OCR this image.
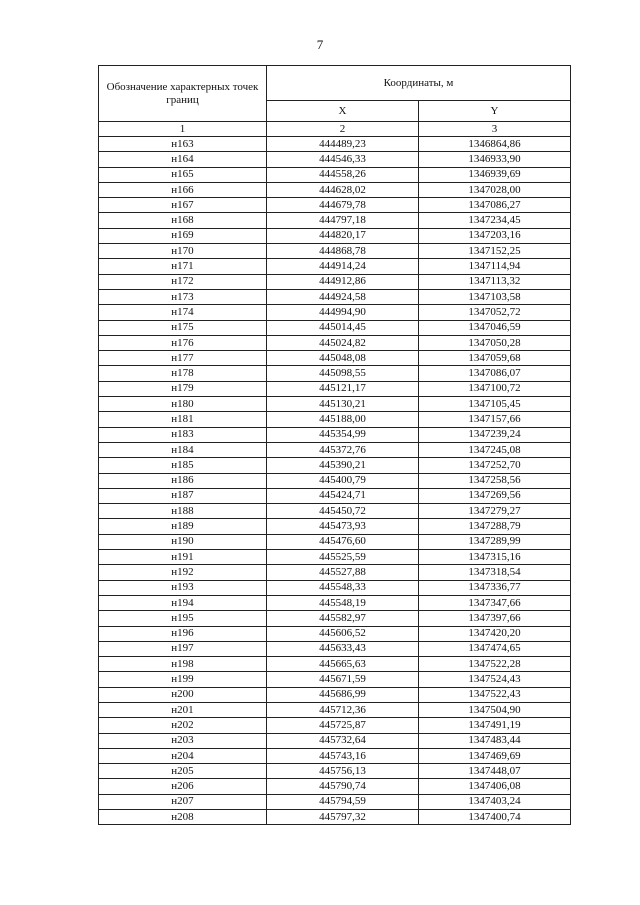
7
Обозначение характерных точек границ	Координаты, м	
	X	Y
1	2	3
н163	444489,23	1346864,86
н164	444546,33	1346933,90
н165	444558,26	1346939,69
н166	444628,02	1347028,00
н167	444679,78	1347086,27
н168	444797,18	1347234,45
н169	444820,17	1347203,16
н170	444868,78	1347152,25
н171	444914,24	1347114,94
н172	444912,86	1347113,32
н173	444924,58	1347103,58
н174	444994,90	1347052,72
н175	445014,45	1347046,59
н176	445024,82	1347050,28
н177	445048,08	1347059,68
н178	445098,55	1347086,07
н179	445121,17	1347100,72
н180	445130,21	1347105,45
н181	445188,00	1347157,66
н183	445354,99	1347239,24
н184	445372,76	1347245,08
н185	445390,21	1347252,70
н186	445400,79	1347258,56
н187	445424,71	1347269,56
н188	445450,72	1347279,27
н189	445473,93	1347288,79
н190	445476,60	1347289,99
н191	445525,59	1347315,16
н192	445527,88	1347318,54
н193	445548,33	1347336,77
н194	445548,19	1347347,66
н195	445582,97	1347397,66
н196	445606,52	1347420,20
н197	445633,43	1347474,65
н198	445665,63	1347522,28
н199	445671,59	1347524,43
н200	445686,99	1347522,43
н201	445712,36	1347504,90
н202	445725,87	1347491,19
н203	445732,64	1347483,44
н204	445743,16	1347469,69
н205	445756,13	1347448,07
н206	445790,74	1347406,08
н207	445794,59	1347403,24
н208	445797,32	1347400,74
